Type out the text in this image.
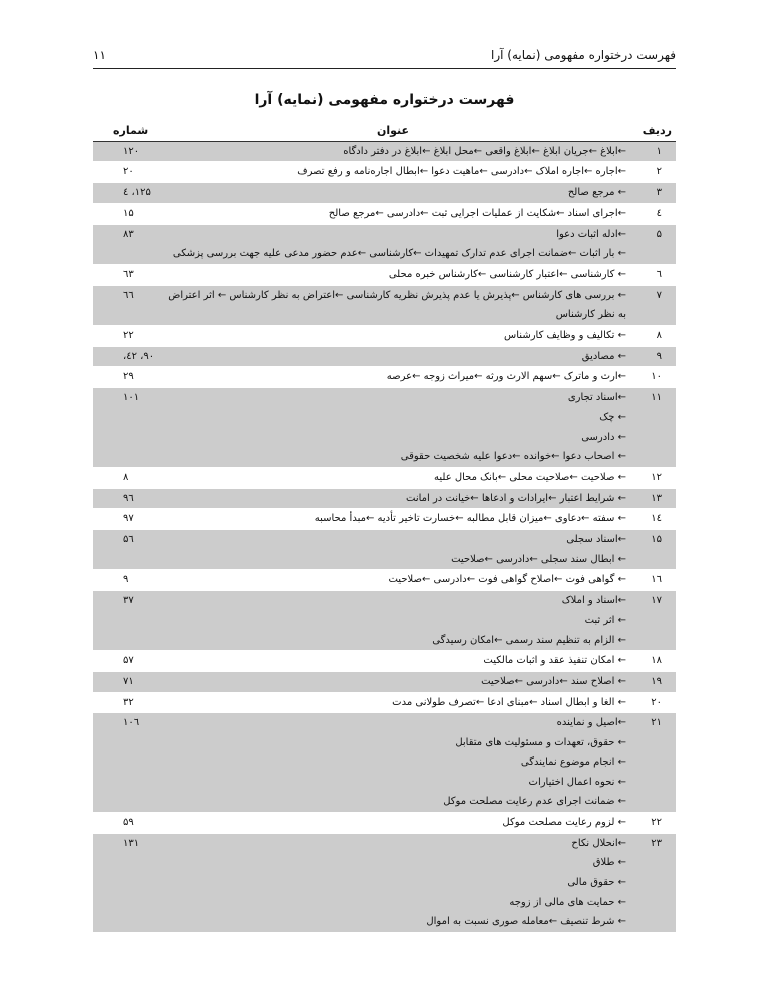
فهرست درختواره مفهومی (نمایه) آرا
۱۱
فهرست درختواره مفهومی (نمایه) آرا
ردیف	عنوان	شماره
۱	←ابلاغ ←جریان ابلاغ ←ابلاغ واقعی ←محل ابلاغ ←ابلاغ در دفتر دادگاه	۱۲۰
۲	←اجاره ←اجاره املاک ←دادرسی ←ماهیت دعوا ←ابطال اجاره‌نامه و رفع تصرف	۲۰
۳	← مرجع صالح	۱۲۵، ٤
٤	←اجرای اسناد ←شکایت از عملیات اجرایی ثبت ←دادرسی ←مرجع صالح	۱۵
۵	←ادله اثبات دعوا
← بار اثبات ←ضمانت اجرای عدم تدارک تمهیدات ←کارشناسی ←عدم حضور مدعی علیه جهت بررسی پزشکی	۸۳
٦	← کارشناسی ←اعتبار کارشناسی ←کارشناس خبره محلی	٦۳
۷	← بررسی های کارشناس ←پذیرش یا عدم پذیرش نظریه کارشناسی ←اعتراض به نظر کارشناس ← اثر اعتراض به نظر کارشناس	٦٦
۸	← تکالیف و وظایف کارشناس	۲۲
۹	← مصادیق	۹۰، ٤۲،
۱۰	←ارث و ماترک ←سهم الارث ورثه ←میراث زوجه ←عرصه	۲۹
۱۱	←اسناد تجاری
← چک
← دادرسی
← اصحاب دعوا ←خوانده ←دعوا علیه شخصیت حقوقی	۱۰۱
۱۲	← صلاحیت ←صلاحیت محلی ←بانک محال علیه	۸
۱۳	← شرایط اعتبار ←ایرادات و ادعاها ←خیانت در امانت	۹٦
۱٤	← سفته ←دعاوی ←میزان قابل مطالبه ←خسارت تاخیر تأدیه ←مبدأ محاسبه	۹۷
۱۵	←اسناد سجلی
← ابطال سند سجلی ←دادرسی ←صلاحیت	۵٦
۱٦	← گواهی فوت ←اصلاح گواهی فوت ←دادرسی ←صلاحیت	۹
۱۷	←اسناد و املاک
← اثر ثبت
← الزام به تنظیم سند رسمی ←امکان رسیدگی	۳۷
۱۸	← امکان تنفیذ عقد و اثبات مالکیت	۵۷
۱۹	← اصلاح سند ←دادرسی ←صلاحیت	۷۱
۲۰	← الغا و ابطال اسناد ←مبنای ادعا ←تصرف طولانی مدت	۳۲
۲۱	←اصیل و نماینده
← حقوق، تعهدات و مسئولیت های متقابل
← انجام موضوع نمایندگی
← نحوه اعمال اختیارات
← ضمانت اجرای عدم رعایت مصلحت موکل	۱۰٦
۲۲	← لزوم رعایت مصلحت موکل	۵۹
۲۳	←انحلال نکاح
← طلاق
← حقوق مالی
← حمایت های مالی از زوجه
← شرط تنصیف ←معامله صوری نسبت به اموال	۱۳۱
